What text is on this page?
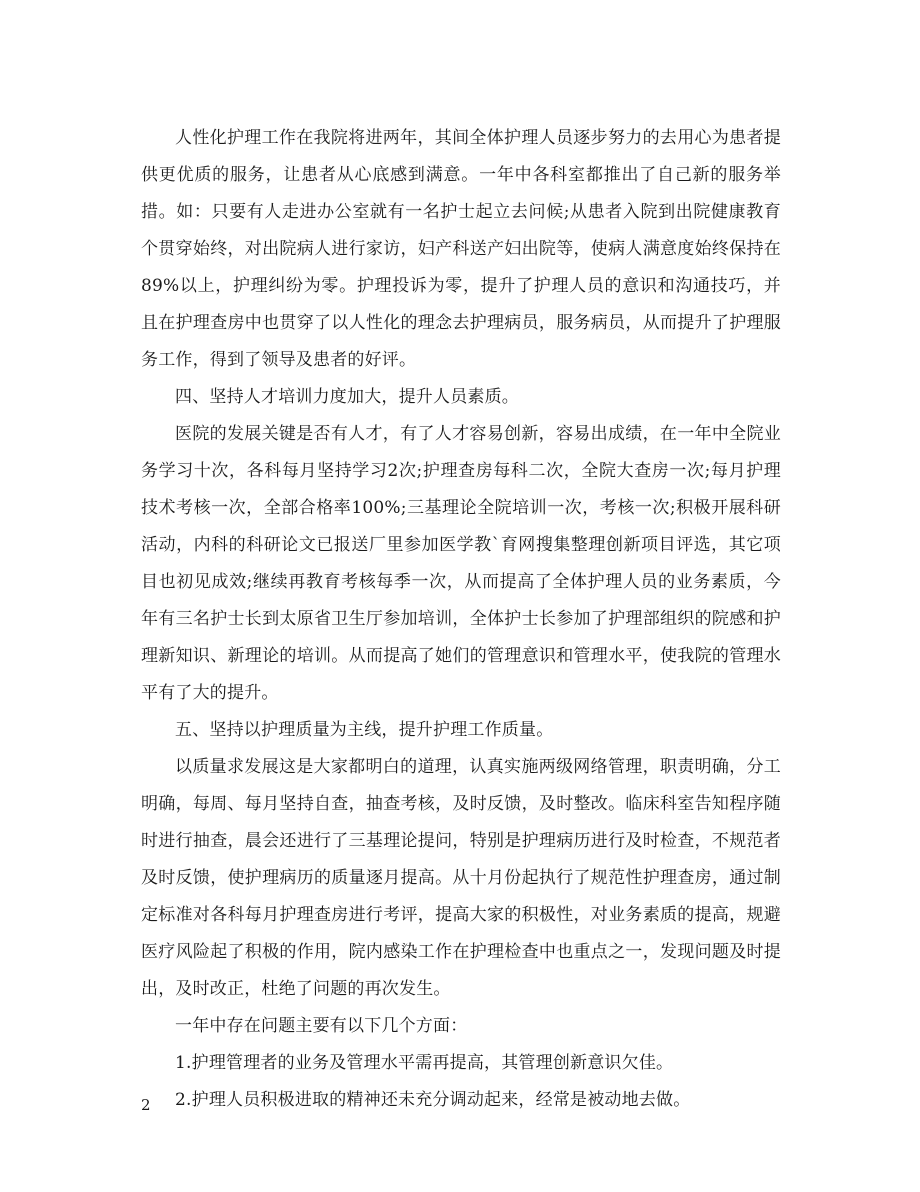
人性化护理工作在我院将进两年，其间全体护理人员逐步努力的去用心为患者提供更优质的服务，让患者从心底感到满意。一年中各科室都推出了自己新的服务举措。如：只要有人走进办公室就有一名护士起立去问候;从患者入院到出院健康教育个贯穿始终，对出院病人进行家访，妇产科送产妇出院等，使病人满意度始终保持在89%以上，护理纠纷为零。护理投诉为零，提升了护理人员的意识和沟通技巧，并且在护理查房中也贯穿了以人性化的理念去护理病员，服务病员，从而提升了护理服务工作，得到了领导及患者的好评。

四、坚持人才培训力度加大，提升人员素质。

医院的发展关键是否有人才，有了人才容易创新，容易出成绩，在一年中全院业务学习十次，各科每月坚持学习2次;护理查房每科二次，全院大查房一次;每月护理技术考核一次，全部合格率100%;三基理论全院培训一次，考核一次;积极开展科研活动，内科的科研论文已报送厂里参加医学教`育网搜集整理创新项目评选，其它项目也初见成效;继续再教育考核每季一次，从而提高了全体护理人员的业务素质，今年有三名护士长到太原省卫生厅参加培训，全体护士长参加了护理部组织的院感和护理新知识、新理论的培训。从而提高了她们的管理意识和管理水平，使我院的管理水平有了大的提升。

五、坚持以护理质量为主线，提升护理工作质量。

以质量求发展这是大家都明白的道理，认真实施两级网络管理，职责明确，分工明确，每周、每月坚持自查，抽查考核，及时反馈，及时整改。临床科室告知程序随时进行抽查，晨会还进行了三基理论提问，特别是护理病历进行及时检查，不规范者及时反馈，使护理病历的质量逐月提高。从十月份起执行了规范性护理查房，通过制定标准对各科每月护理查房进行考评，提高大家的积极性，对业务素质的提高，规避医疗风险起了积极的作用，院内感染工作在护理检查中也重点之一，发现问题及时提出，及时改正，杜绝了问题的再次发生。

一年中存在问题主要有以下几个方面：

1.护理管理者的业务及管理水平需再提高，其管理创新意识欠佳。

2.护理人员积极进取的精神还未充分调动起来，经常是被动地去做。

2
